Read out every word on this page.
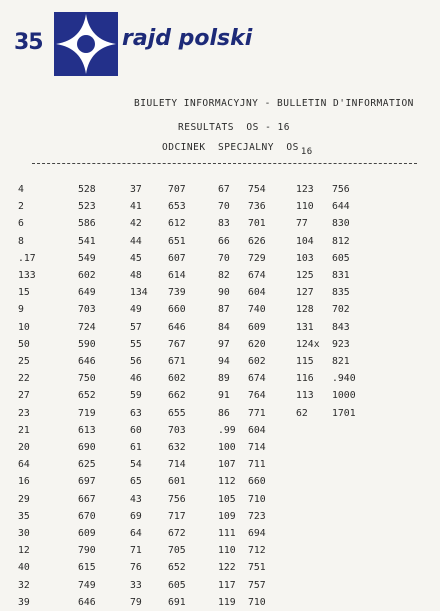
35	rajd polski
BIULETY INFORMACYJNY - BULLETIN D'INFORMATION
RESULTATS  OS - 16
ODCINEK  SPECJALNY  OS 16
4
2
6
8
.17
133
15
9
10
50
25
22
27
23
21
20
64
16
29
35
30
12
40
32
39
528
523
586
541
549
602
649
703
724
590
646
750
652
719
613
690
625
697
667
670
609
790
615
749
646
37
41
42
44
45
48
134
49
57
55
56
46
59
63
60
61
54
65
43
69
64
71
76
33
79
707
653
612
651
607
614
739
660
646
767
671
602
662
655
703
632
714
601
756
717
672
705
652
605
691
67
70
83
66
70
82
90
87
84
97
94
89
91
86
.99
100
107
112
105
109
111
110
122
117
119
754
736
701
626
729
674
604
740
609
620
602
674
764
771
604
714
711
660
710
723
694
712
751
757
710
123
110
77
104
103
125
127
128
131
124x
115
116
113
62
756
644
830
812
605
831
835
702
843
923
821
.940
1000
1701
